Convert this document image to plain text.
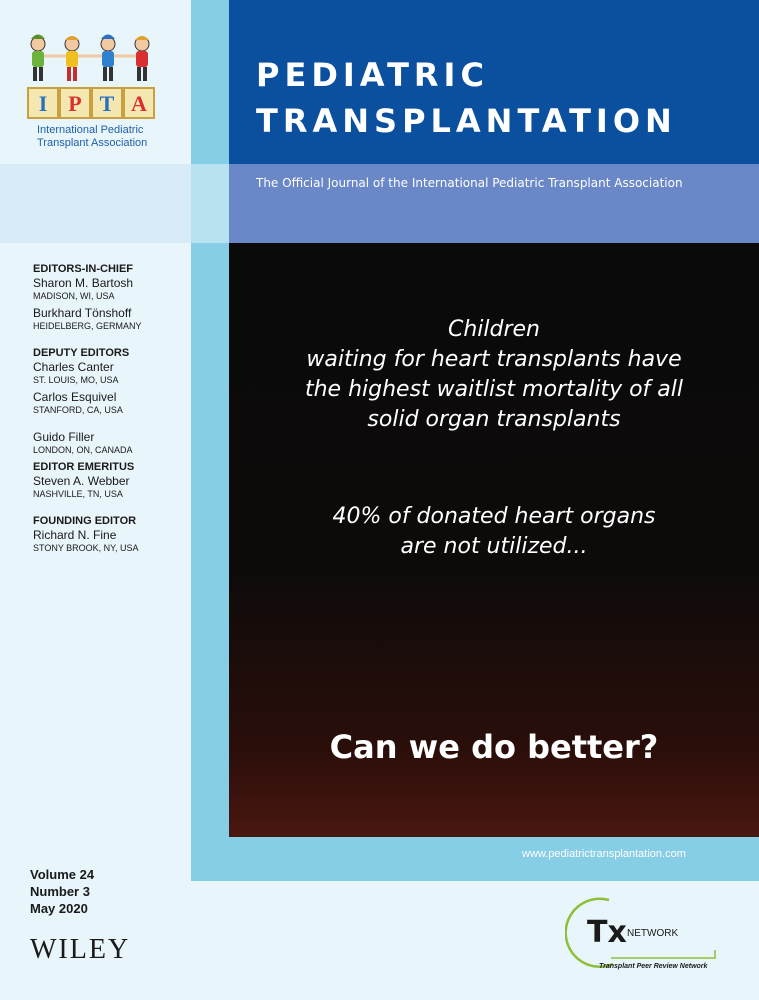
PEDIATRIC
TRANSPLANTATION
The Official Journal of the International Pediatric Transplant Association
I P T A
International Pediatric
Transplant Association

EDITORS-IN-CHIEF

Sharon M. Bartosh

MADISON, WI, USA

Burkhard Tönshoff

HEIDELBERG, GERMANY

DEPUTY EDITORS

Charles Canter

ST. LOUIS, MO, USA

Carlos Esquivel

STANFORD, CA, USA

Guido Filler

LONDON, ON, CANADA

EDITOR EMERITUS

Steven A. Webber

NASHVILLE, TN, USA

FOUNDING EDITOR

Richard N. Fine

STONY BROOK, NY, USA

Children

waiting for heart transplants have

the highest waitlist mortality of all

solid organ transplants

40% of donated heart organs

are not utilized...

Can we do better?
www.pediatrictransplantation.com

Volume 24

Number 3

May 2020

WILEY	Tx NETWORK
Transplant Peer Review Network
